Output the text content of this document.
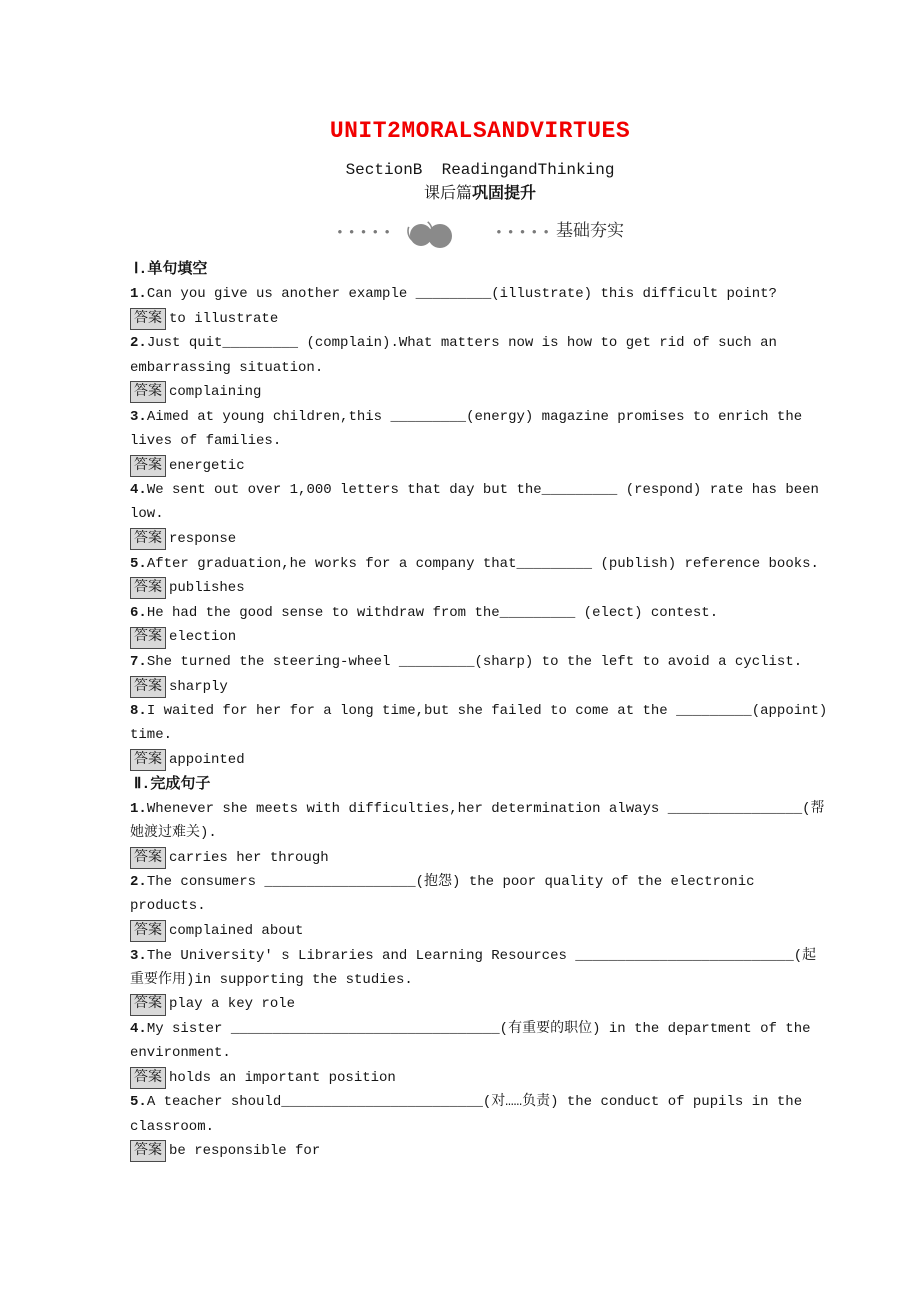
UNIT2MORALSANDVIRTUES
SectionB  ReadingandThinking
课后篇巩固提升
•••••	••••• 基础夯实
Ⅰ.单句填空
1.Can you give us another example _________(illustrate) this difficult point?
答案 to illustrate
2.Just quit_________ (complain).What matters now is how to get rid of such an embarrassing situation.
答案 complaining
3.Aimed at young children,this _________(energy) magazine promises to enrich the lives of families.
答案 energetic
4.We sent out over 1,000 letters that day but the_________ (respond) rate has been low.
答案 response
5.After graduation,he works for a company that_________ (publish) reference books.
答案 publishes
6.He had the good sense to withdraw from the_________ (elect) contest.
答案 election
7.She turned the steering-wheel _________(sharp) to the left to avoid a cyclist.
答案 sharply
8.I waited for her for a long time,but she failed to come at the _________(appoint) time.
答案 appointed
Ⅱ.完成句子
1.Whenever she meets with difficulties,her determination always ________________(帮她渡过难关).
答案 carries her through
2.The consumers __________________(抱怨) the poor quality of the electronic products.
答案 complained about
3.The University' s Libraries and Learning Resources __________________________(起重要作用)in supporting the studies.
答案 play a key role
4.My sister ________________________________(有重要的职位) in the department of the environment.
答案 holds an important position
5.A teacher should________________________(对……负责) the conduct of pupils in the classroom.
答案 be responsible for
